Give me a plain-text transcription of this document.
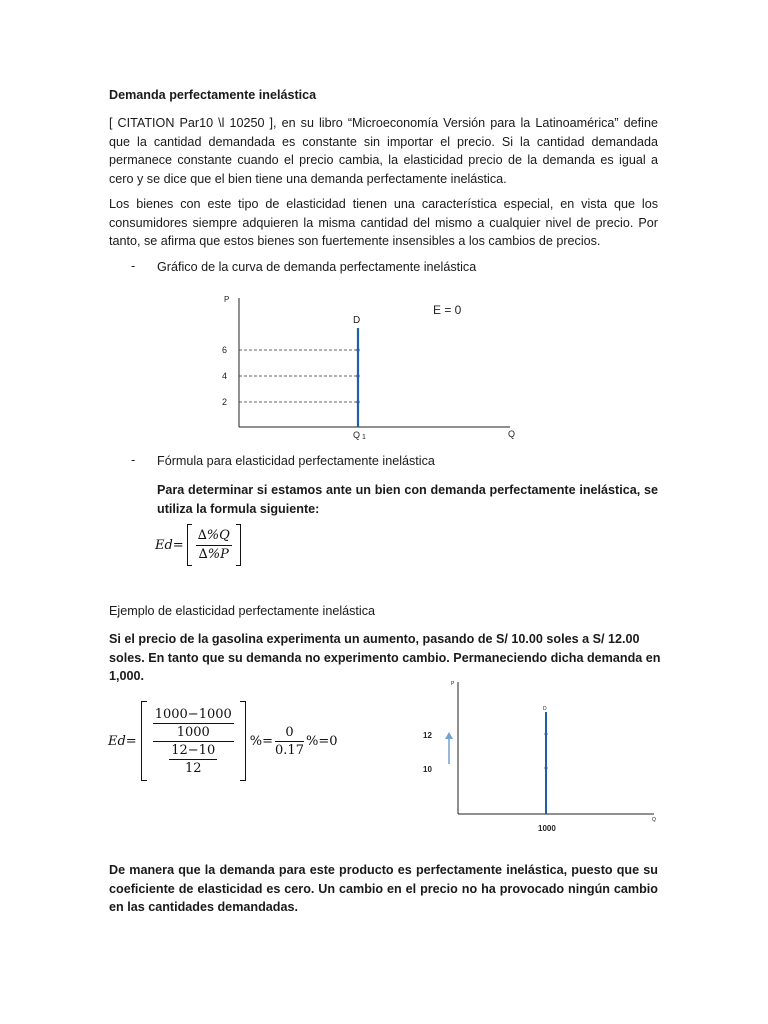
Demanda perfectamente inelástica
[ CITATION Par10 \l 10250 ], en su libro “Microeconomía Versión para la Latinoamérica” define que la cantidad demandada es constante sin importar el precio. Si la cantidad demandada permanece constante cuando el precio cambia, la elasticidad precio de la demanda es igual a cero y se dice que el bien tiene una demanda perfectamente inelástica.
Los bienes con este tipo de elasticidad tienen una característica especial, en vista que los consumidores siempre adquieren la misma cantidad del mismo a cualquier nivel de precio. Por tanto, se afirma que estos bienes son fuertemente insensibles a los cambios de precios.
- Gráfico de la curva de demanda perfectamente inelástica
P
Q
6
4
2
D
Q 1
E = 0
- Fórmula para elasticidad perfectamente inelástica
Para determinar si estamos ante un bien con demanda perfectamente inelástica, se utiliza la formula siguiente:
Ed=
∆%Q
∆%P
Ejemplo de elasticidad perfectamente inelástica
Si el precio de la gasolina experimenta un aumento, pasando de S/ 10.00 soles a S/ 12.00 soles. En tanto que su demanda no experimento cambio. Permaneciendo dicha demanda en 1,000.
Ed=
1000−1000
1000
12−10
12
%=
0
0.17
%=0
P
Q
D
12
10
1000
De manera que la demanda para este producto es perfectamente inelástica, puesto que su coeficiente de elasticidad es cero. Un cambio en el precio no ha provocado ningún cambio en las cantidades demandadas.
